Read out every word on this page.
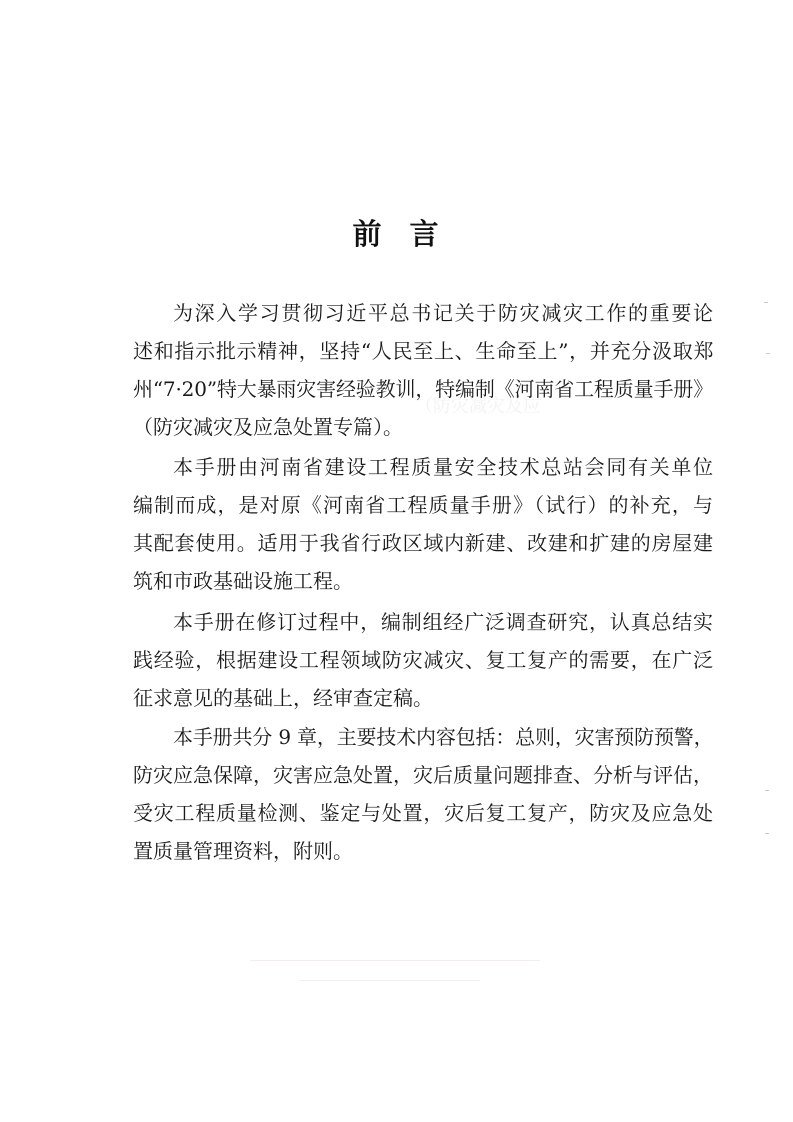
（防灾减灾及应
前 言
为深入学习贯彻习近平总书记关于防灾减灾工作的重要论
述和指示批示精神，坚持“人民至上、生命至上”，并充分汲取郑
州“7·20”特大暴雨灾害经验教训，特编制《河南省工程质量手册》
（防灾减灾及应急处置专篇）。
本手册由河南省建设工程质量安全技术总站会同有关单位
编制而成，是对原《河南省工程质量手册》（试行）的补充，与
其配套使用。适用于我省行政区域内新建、改建和扩建的房屋建
筑和市政基础设施工程。
本手册在修订过程中，编制组经广泛调查研究，认真总结实
践经验，根据建设工程领域防灾减灾、复工复产的需要，在广泛
征求意见的基础上，经审查定稿。
本手册共分 9 章，主要技术内容包括：总则，灾害预防预警，
防灾应急保障，灾害应急处置，灾后质量问题排查、分析与评估，
受灾工程质量检测、鉴定与处置，灾后复工复产，防灾及应急处
置质量管理资料，附则。
